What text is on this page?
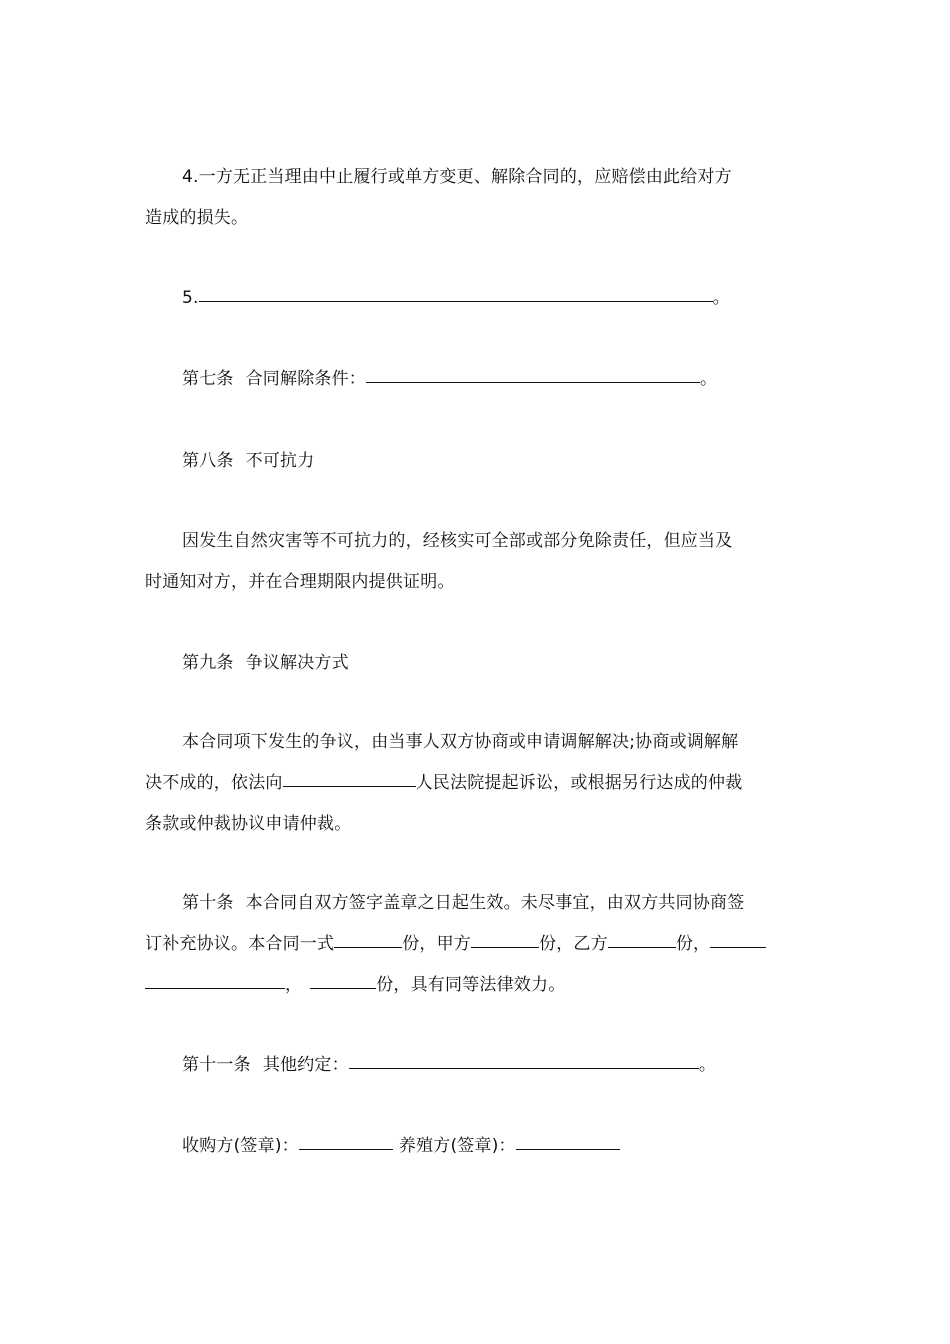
4.一方无正当理由中止履行或单方变更、解除合同的，应赔偿由此给对方
造成的损失。
5.	。
第七条 合同解除条件：	。
第八条 不可抗力
因发生自然灾害等不可抗力的，经核实可全部或部分免除责任，但应当及
时通知对方，并在合理期限内提供证明。
第九条 争议解决方式
本合同项下发生的争议，由当事人双方协商或申请调解解决;协商或调解解
决不成的，依法向	人民法院提起诉讼，或根据另行达成的仲裁
条款或仲裁协议申请仲裁。
第十条 本合同自双方签字盖章之日起生效。未尽事宜，由双方共同协商签
订补充协议。本合同一式	份，甲方	份，乙方	份，
，	份，具有同等法律效力。
第十一条 其他约定：	。
收购方(签章)：	养殖方(签章)：
